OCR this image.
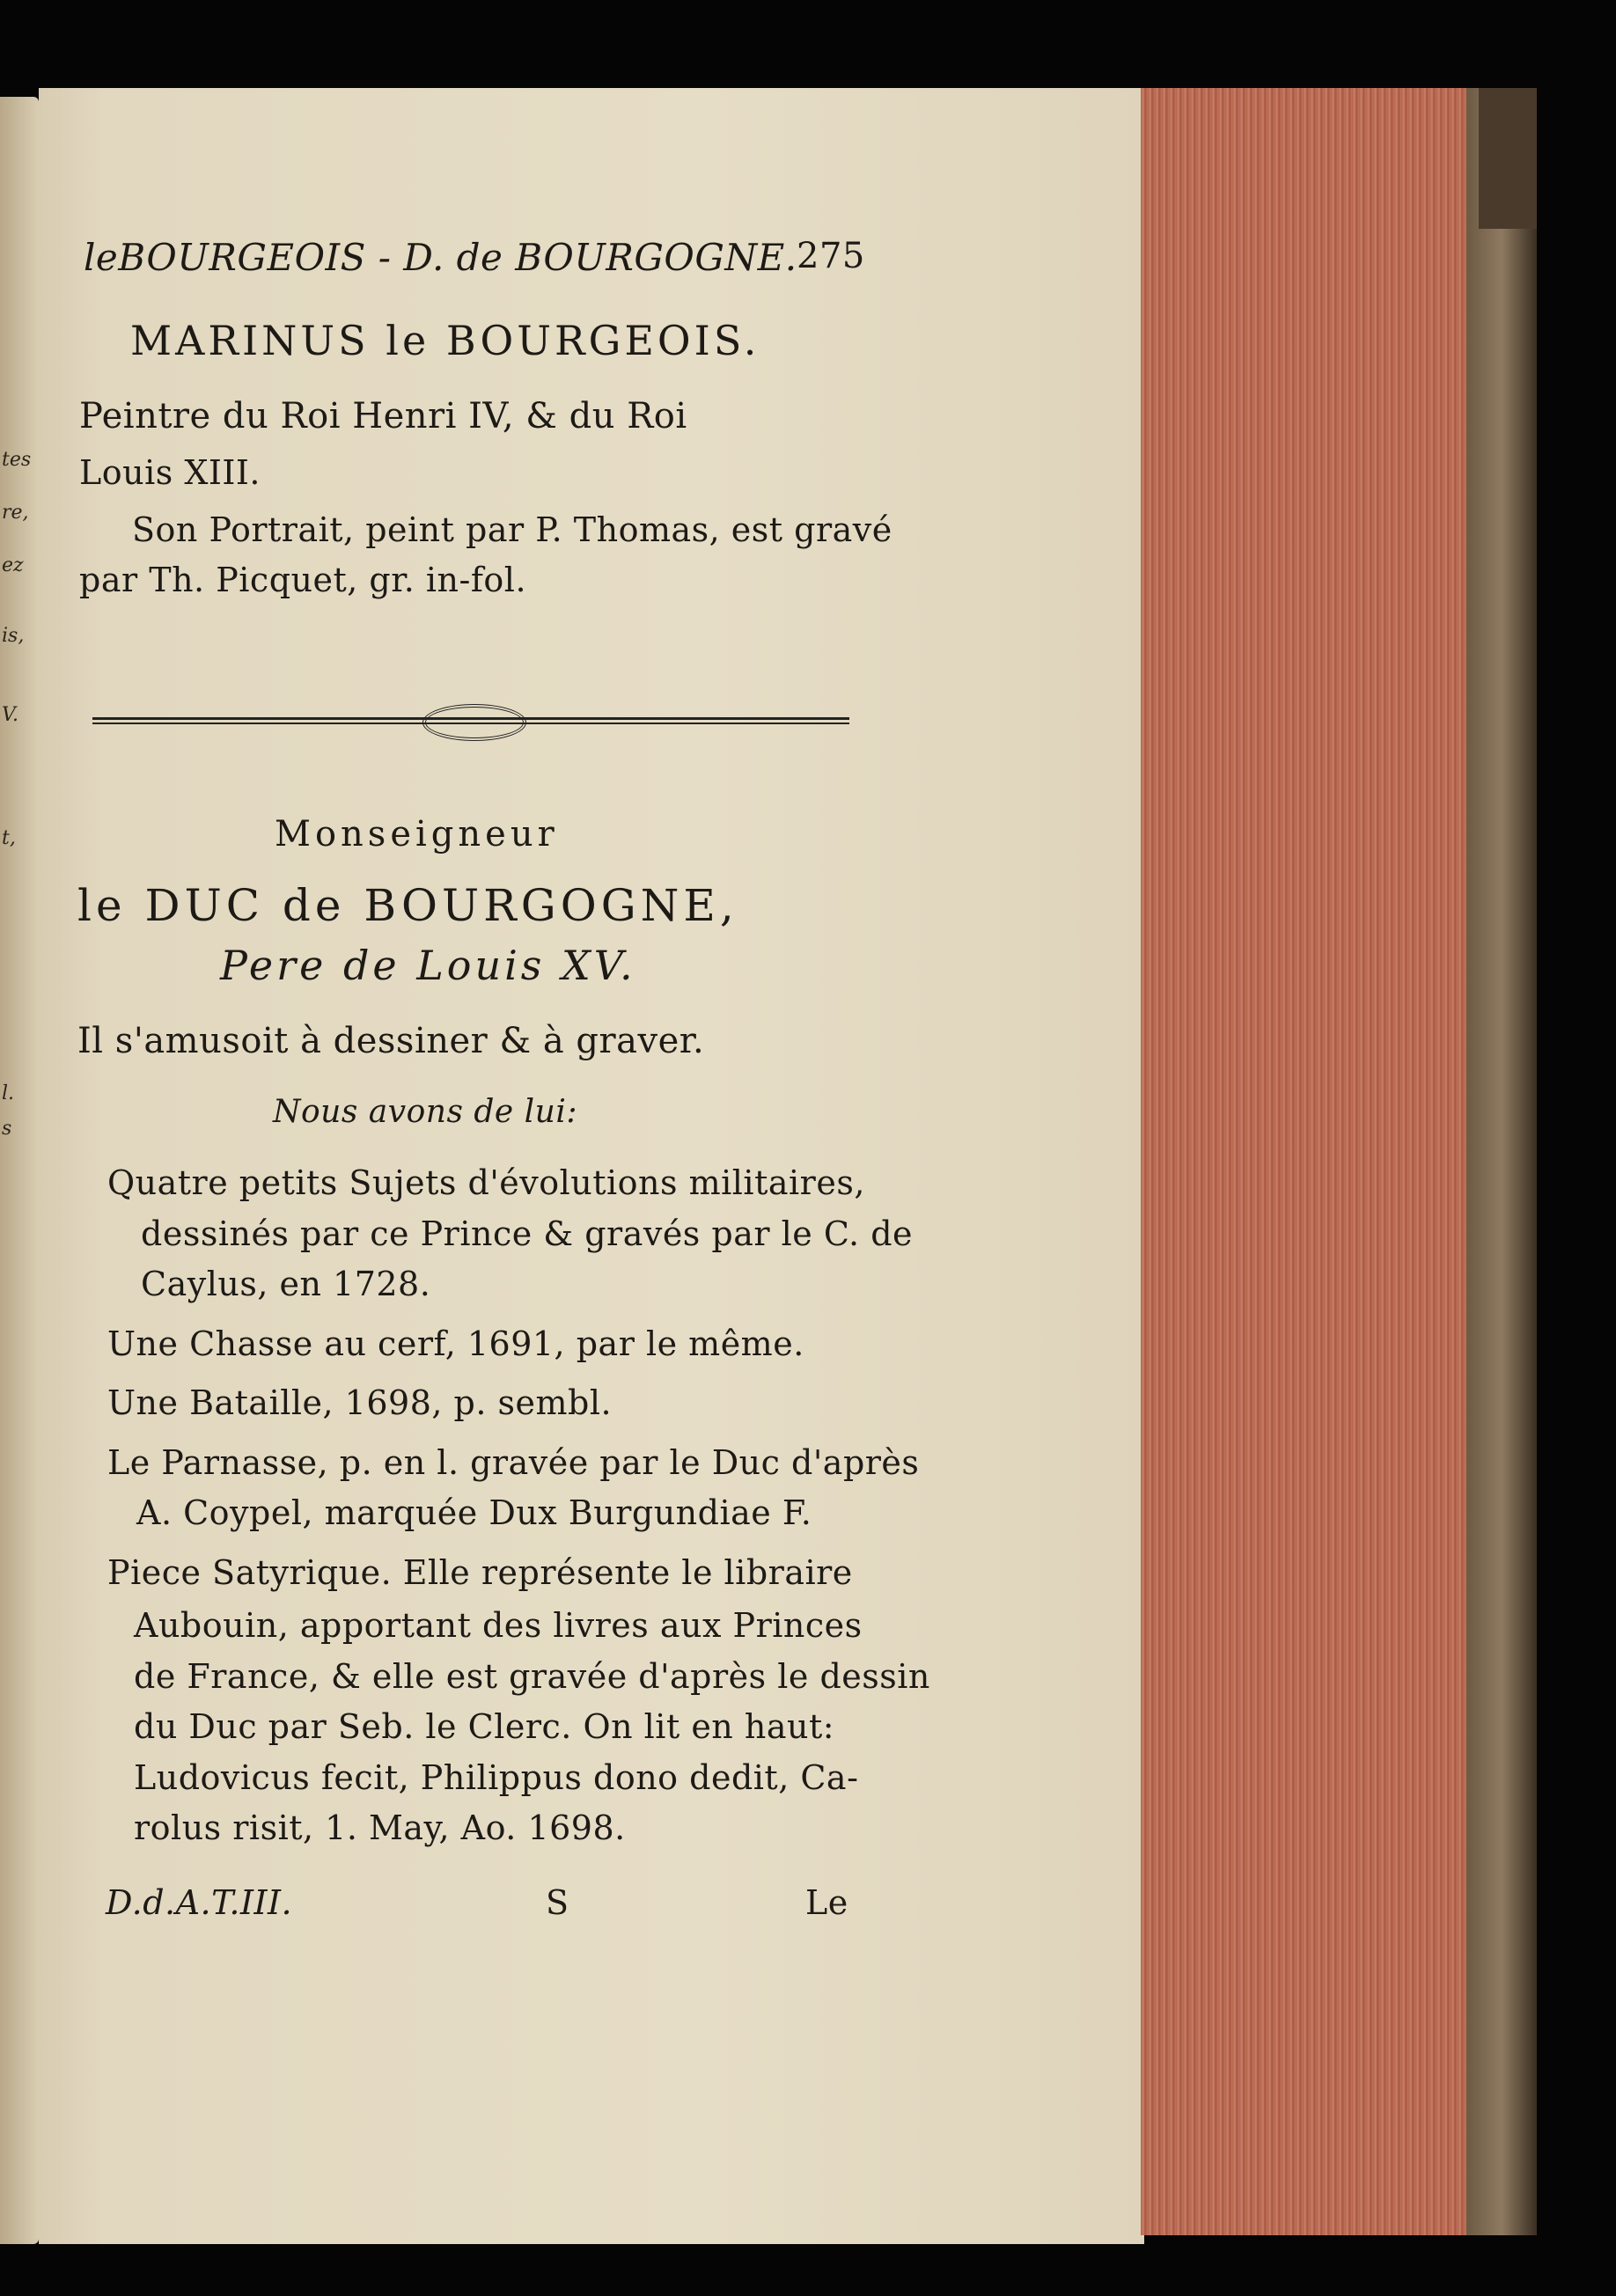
tes
re,
ez
is,
V.
t,
l.
s
leBOURGEOIS - D. de BOURGOGNE. 275
MARINUS le BOURGEOIS.
Peintre du Roi Henri IV, & du Roi
Louis XIII.
Son Portrait, peint par P. Thomas, est gravé
par Th. Picquet, gr. in-fol.
Monseigneur
le DUC de BOURGOGNE,
Pere de Louis XV.
Il s'amusoit à dessiner & à graver.
Nous avons de lui:
Quatre petits Sujets d'évolutions militaires,
dessinés par ce Prince & gravés par le C. de
Caylus, en 1728.
Une Chasse au cerf, 1691, par le même.
Une Bataille, 1698, p. sembl.
Le Parnasse, p. en l. gravée par le Duc d'après
A. Coypel, marquée Dux Burgundiae F.
Piece Satyrique. Elle représente le libraire
Aubouin, apportant des livres aux Princes
de France, & elle est gravée d'après le dessin
du Duc par Seb. le Clerc. On lit en haut:
Ludovicus fecit, Philippus dono dedit, Ca-
rolus risit, 1. May, Ao. 1698.
D.d.A.T.III.	S	Le
